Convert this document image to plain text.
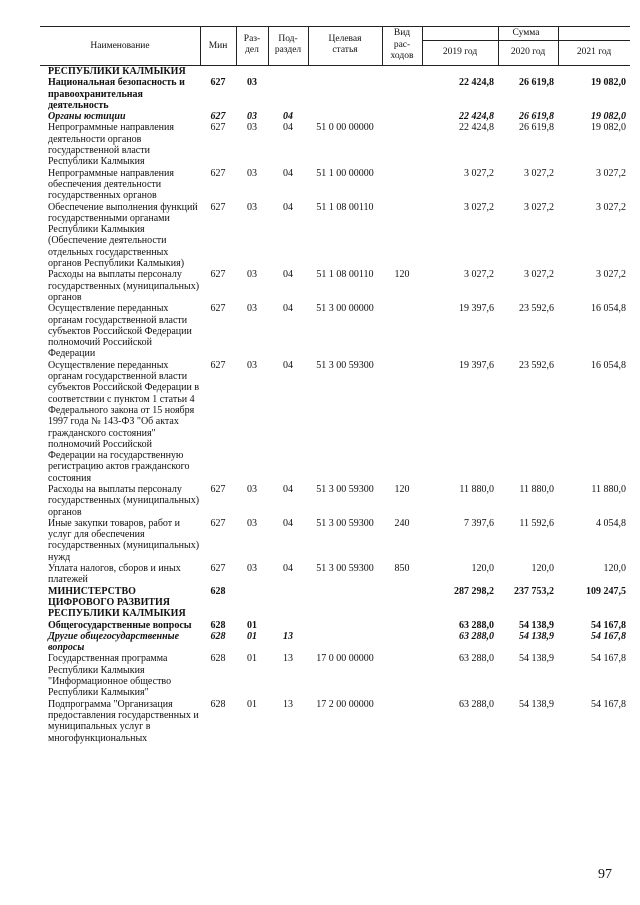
Наименование	Мин
Раз-
дел
Под-
раздел
Целевая
статья
Вид
рас-
ходов
Сумма
2019 год	2020 год	2021 год
РЕСПУБЛИКИ КАЛМЫКИЯ								
Национальная безопасность и правоохранительная деятельность	627	03				22 424,8	26 619,8	19 082,0
Органы юстиции	627	03	04			22 424,8	26 619,8	19 082,0
Непрограммные направления деятельности органов государственной власти Республики Калмыкия	627	03	04	51 0 00 00000		22 424,8	26 619,8	19 082,0
Непрограммные направления обеспечения деятельности государственных органов	627	03	04	51 1 00 00000		3 027,2	3 027,2	3 027,2
Обеспечение выполнения функций государственными органами Республики Калмыкия (Обеспечение деятельности отдельных государственных органов Республики Калмыкия)	627	03	04	51 1 08 00110		3 027,2	3 027,2	3 027,2
Расходы на выплаты персоналу государственных (муниципальных) органов	627	03	04	51 1 08 00110	120	3 027,2	3 027,2	3 027,2
Осуществление переданных органам государственной власти субъектов Российской Федерации полномочий Российской Федерации	627	03	04	51 3 00 00000		19 397,6	23 592,6	16 054,8
Осуществление переданных органам государственной власти субъектов Российской Федерации в соответствии с пунктом 1 статьи 4 Федерального закона от 15 ноября 1997 года № 143-ФЗ "Об актах гражданского состояния" полномочий Российской Федерации на государственную регистрацию актов гражданского состояния	627	03	04	51 3 00 59300		19 397,6	23 592,6	16 054,8
Расходы на выплаты персоналу государственных (муниципальных) органов	627	03	04	51 3 00 59300	120	11 880,0	11 880,0	11 880,0
Иные закупки товаров, работ и услуг для обеспечения государственных (муниципальных) нужд	627	03	04	51 3 00 59300	240	7 397,6	11 592,6	4 054,8
Уплата налогов, сборов и иных платежей	627	03	04	51 3 00 59300	850	120,0	120,0	120,0
МИНИСТЕРСТВО ЦИФРОВОГО РАЗВИТИЯ РЕСПУБЛИКИ КАЛМЫКИЯ	628					287 298,2	237 753,2	109 247,5
Общегосударственные вопросы	628	01				63 288,0	54 138,9	54 167,8
Другие общегосударственные вопросы	628	01	13			63 288,0	54 138,9	54 167,8
Государственная программа Республики Калмыкия "Информационное общество Республики Калмыкия"	628	01	13	17 0 00 00000		63 288,0	54 138,9	54 167,8
Подпрограмма "Организация предоставления государственных и муниципальных услуг в многофункциональных	628	01	13	17 2 00 00000		63 288,0	54 138,9	54 167,8
97
